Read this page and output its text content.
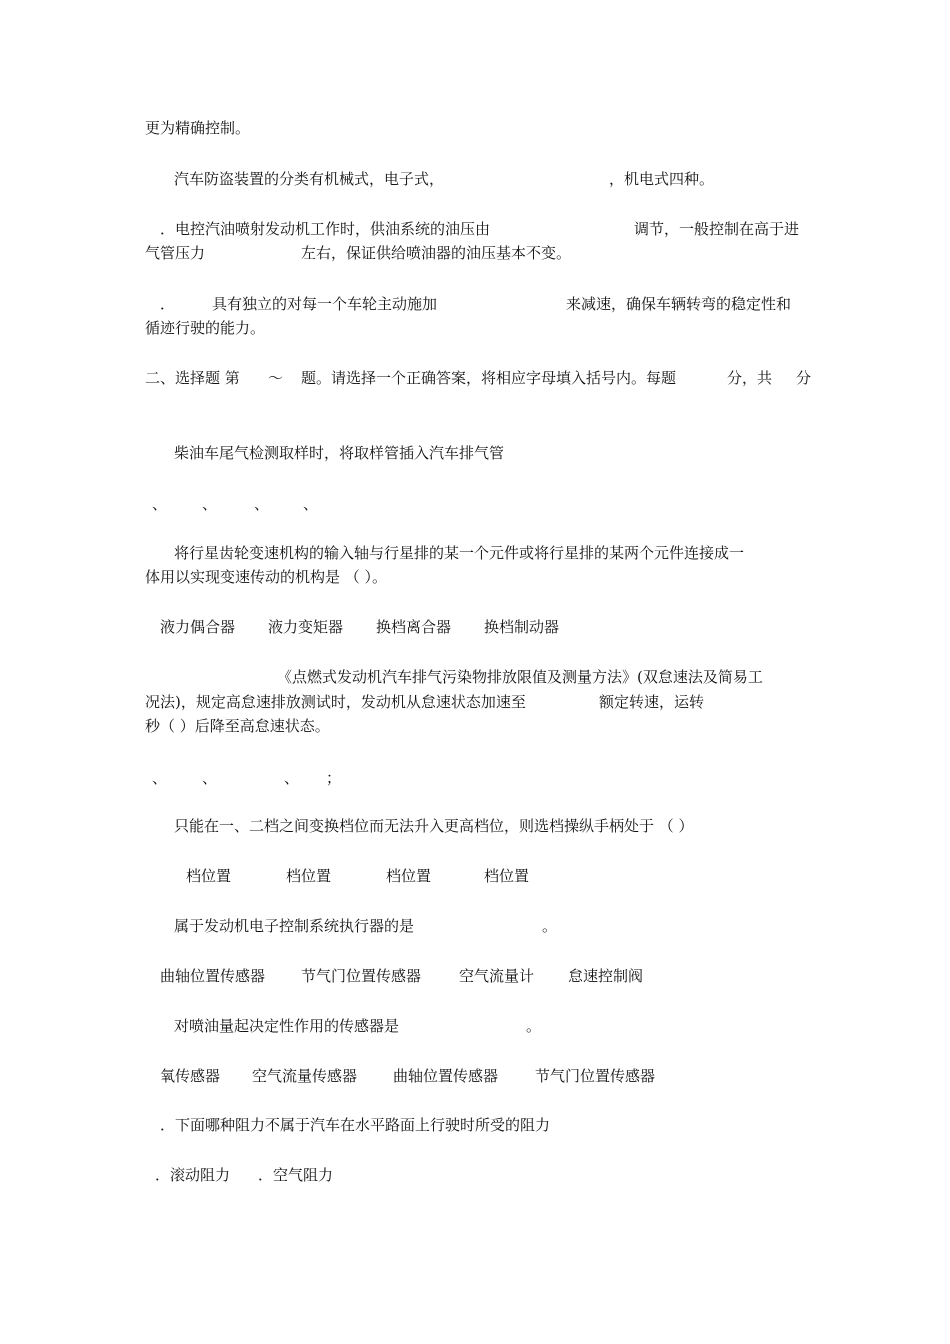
更为精确控制。
汽车防盗装置的分类有机械式，电子式，	，机电式四种。
．电控汽油喷射发动机工作时，供油系统的油压由	调节，一般控制在高于进
气管压力	左右，保证供给喷油器的油压基本不变。
． 具有独立的对每一个车轮主动施加	来减速，确保车辆转弯的稳定性和
循迹行驶的能力。
二、选择题 第 ～ 题。请选择一个正确答案，将相应字母填入括号内。每题	分，共 分
柴油车尾气检测取样时，将取样管插入汽车排气管
、 、 、 、
将行星齿轮变速机构的输入轴与行星排的某一个元件或将行星排的某两个元件连接成一
体用以实现变速传动的机构是 （ ）。
液力偶合器 液力变矩器 换档离合器 换档制动器
《点燃式发动机汽车排气污染物排放限值及测量方法》(双怠速法及简易工
况法)，规定高怠速排放测试时，发动机从怠速状态加速至	额定转速，运转
秒（ ）后降至高怠速状态。
、 、	、 ；
只能在一、二档之间变换档位而无法升入更高档位，则选档操纵手柄处于 （ ）
档位置	档位置	档位置	档位置
属于发动机电子控制系统执行器的是	。
曲轴位置传感器 节气门位置传感器	空气流量计 怠速控制阀
对喷油量起决定性作用的传感器是	。
氧传感器 空气流量传感器 曲轴位置传感器 节气门位置传感器
．下面哪种阻力不属于汽车在水平路面上行驶时所受的阻力
．滚动阻力 ．空气阻力
